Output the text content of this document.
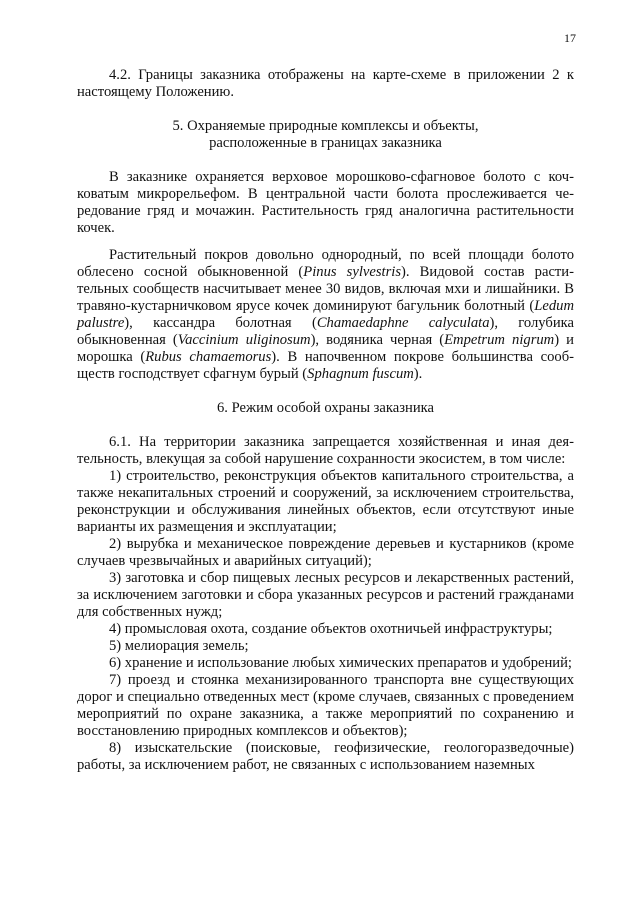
17

4.2. Границы заказника отображены на карте-схеме в приложении 2 к настоящему Положению.

5. Охраняемые природные комплексы и объекты,
расположенные в границах заказника

В заказнике охраняется верховое морошково-сфагновое болото с кочковатым микрорельефом. В центральной части болота прослеживается чередование гряд и мочажин. Растительность гряд аналогична растительности кочек.

Растительный покров довольно однородный, по всей площади болото облесено сосной обыкновенной (Pinus sylvestris). Видовой состав растительных сообществ насчитывает менее 30 видов, включая мхи и лишайники. В травяно-кустарничковом ярусе кочек доминируют багульник болотный (Ledum palustre), кассандра болотная (Chamaedaphne calyculata), голубика обыкновенная (Vaccinium uliginosum), водяника черная (Empetrum nigrum) и морошка (Rubus chamaemorus). В напочвенном покрове большинства сообществ господствует сфагнум бурый (Sphagnum fuscum).

6. Режим особой охраны заказника

6.1. На территории заказника запрещается хозяйственная и иная деятельность, влекущая за собой нарушение сохранности экосистем, в том числе:

1) строительство, реконструкция объектов капитального строительства, а также некапитальных строений и сооружений, за исключением строительства, реконструкции и обслуживания линейных объектов, если отсутствуют иные варианты их размещения и эксплуатации;

2) вырубка и механическое повреждение деревьев и кустарников (кроме случаев чрезвычайных и аварийных ситуаций);

3) заготовка и сбор пищевых лесных ресурсов и лекарственных растений, за исключением заготовки и сбора указанных ресурсов и растений гражданами для собственных нужд;

4) промысловая охота, создание объектов охотничьей инфраструктуры;

5) мелиорация земель;

6) хранение и использование любых химических препаратов и удобрений;

7) проезд и стоянка механизированного транспорта вне существующих дорог и специально отведенных мест (кроме случаев, связанных с проведением мероприятий по охране заказника, а также мероприятий по сохранению и восстановлению природных комплексов и объектов);

8) изыскательские (поисковые, геофизические, геологоразведочные) работы, за исключением работ, не связанных с использованием наземных
